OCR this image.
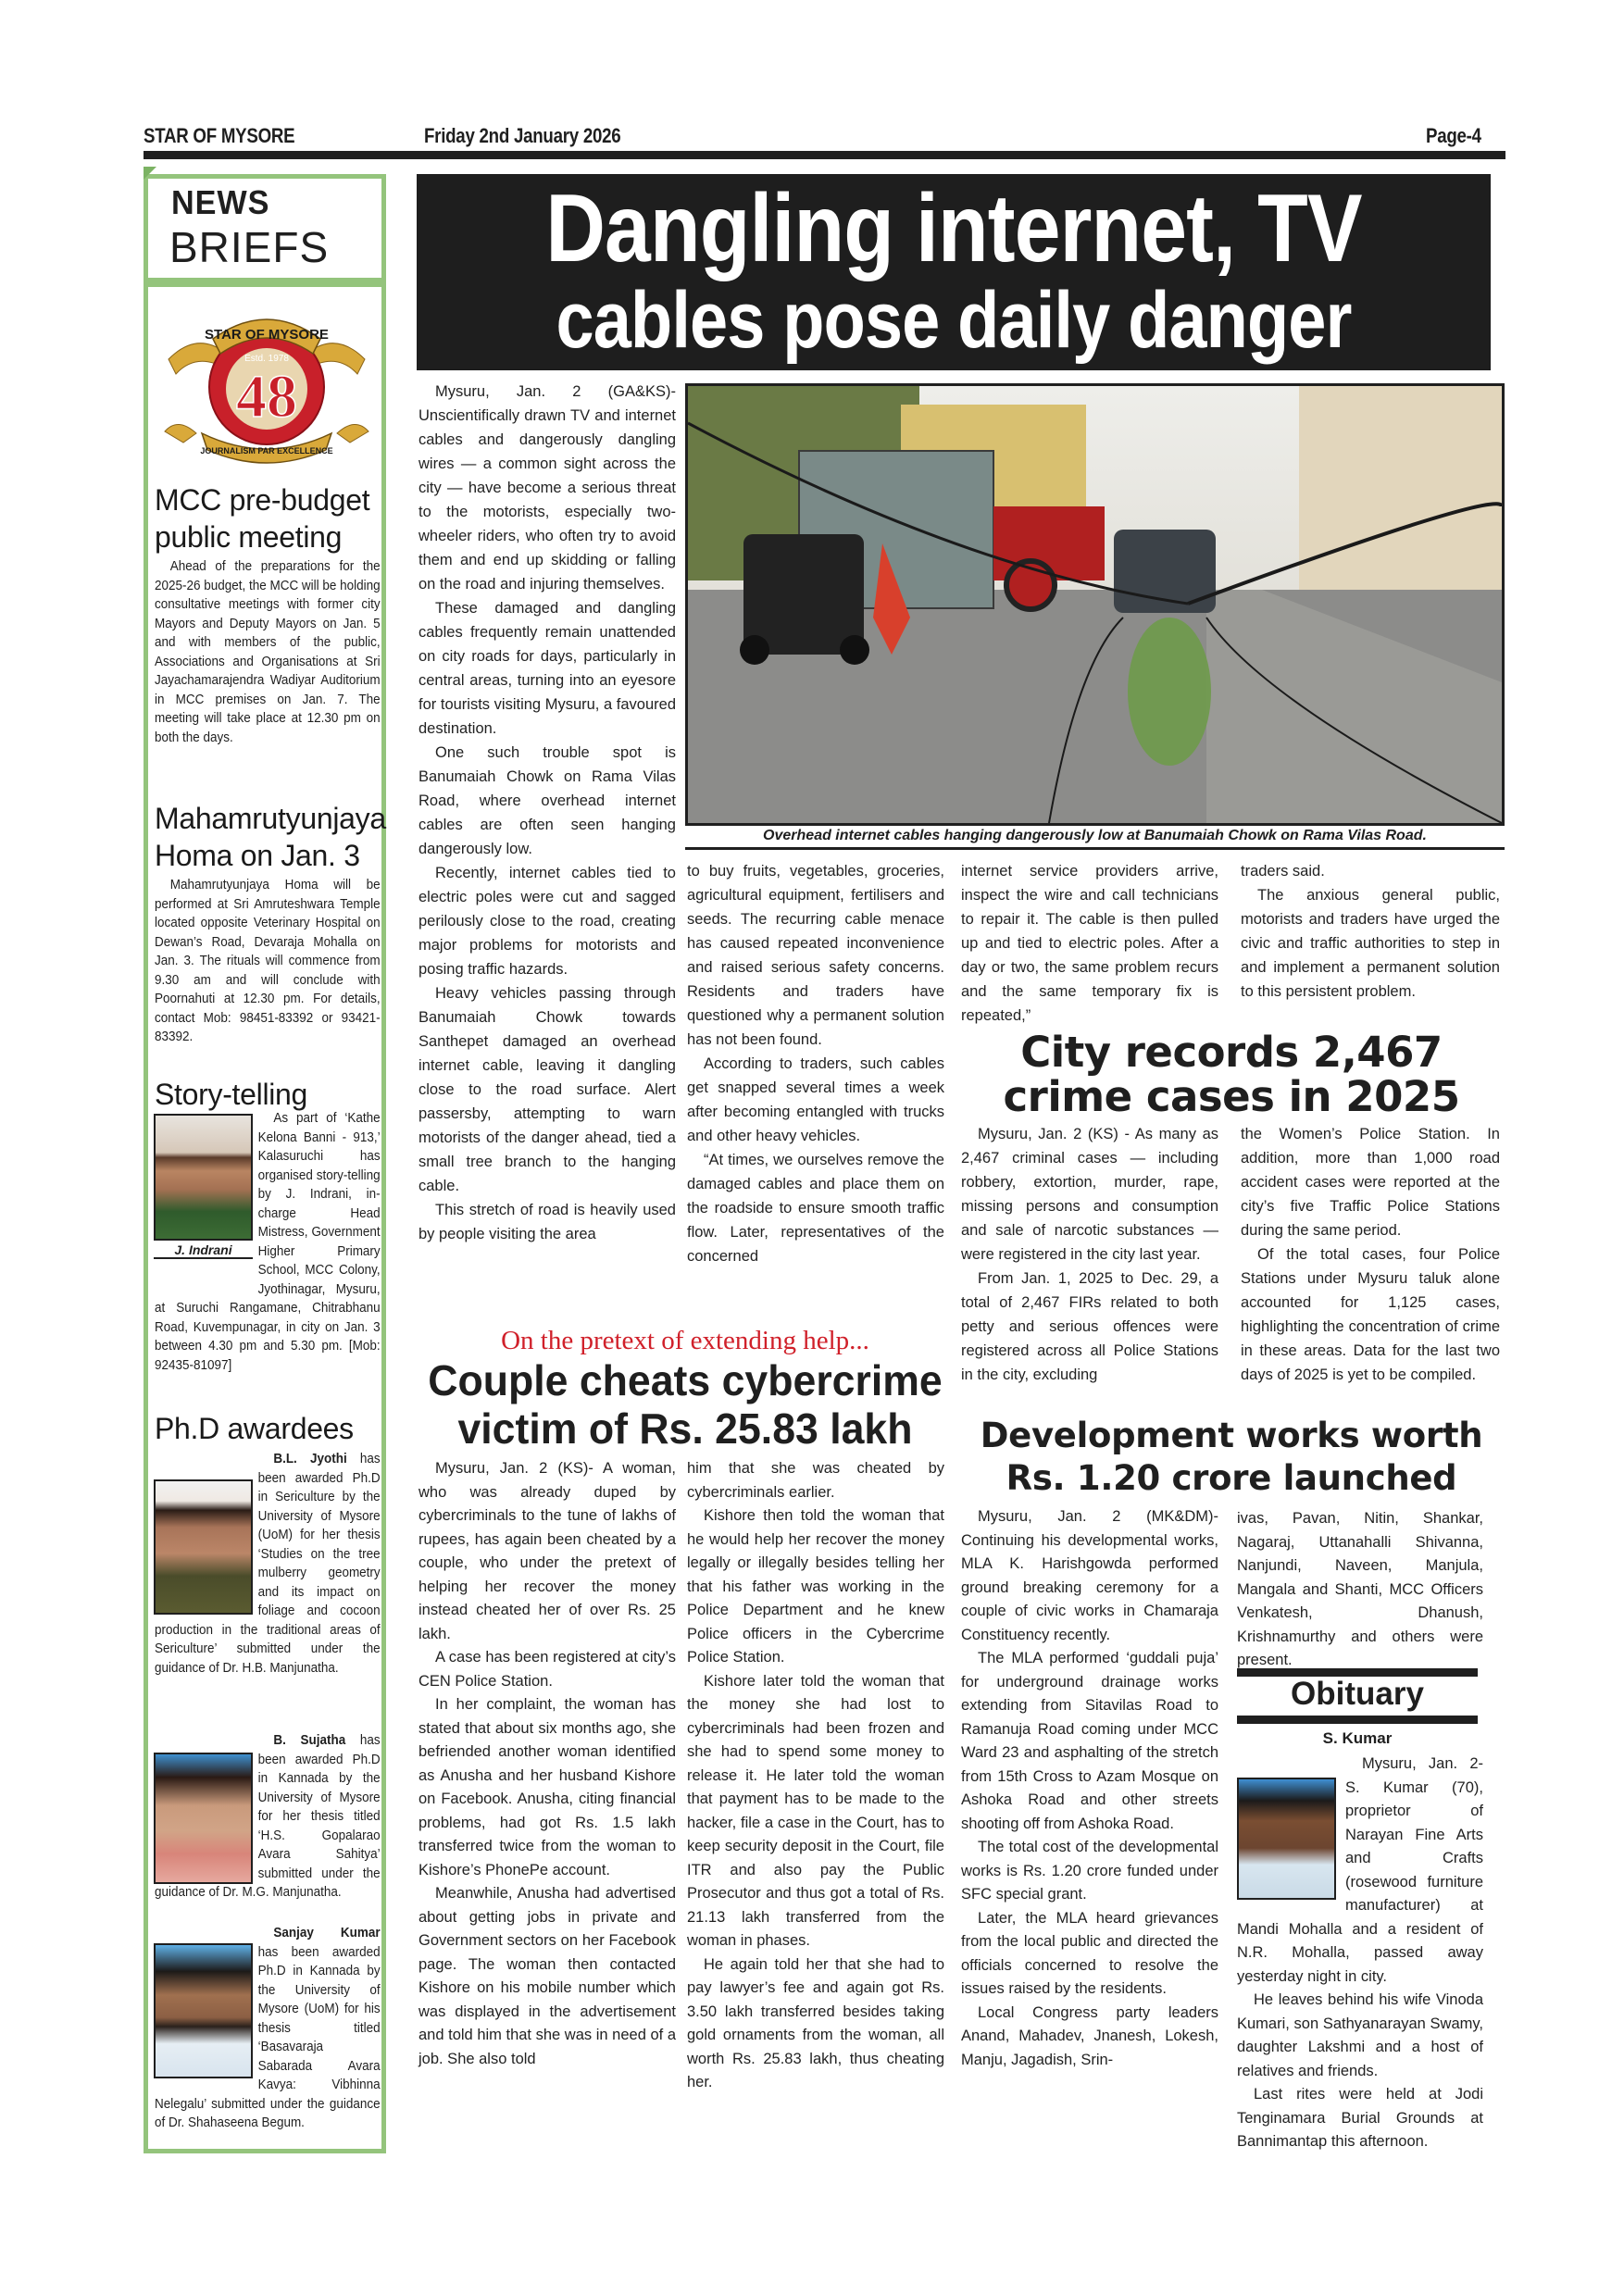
STAR OF MYSORE	Friday 2nd January 2026	Page-4
NEWS
BRIEFS
STAR OF MYSORE
Estd. 1978
48
JOURNALISM PAR EXCELLENCE
MCC pre-budget public meeting

Ahead of the preparations for the 2025-26 budget, the MCC will be holding consultative meetings with former city Mayors and Deputy Mayors on Jan. 5 and with members of the public, Associations and Organisations at Sri Jayachamarajendra Wadiyar Auditorium in MCC premises on Jan. 7. The meeting will take place at 12.30 pm on both the days.

Mahamrutyunjaya Homa on Jan. 3

Mahamrutyunjaya Homa will be performed at Sri Amruteshwara Temple located opposite Veterinary Hospital on Dewan’s Road, Devaraja Mohalla on Jan. 3. The rituals will commence from 9.30 am and will conclude with Poornahuti at 12.30 pm. For details, contact Mob: 98451-83392 or 93421-83392.

Story-telling
J. Indrani

As part of ‘Kathe Kelona Banni - 913,’ Kalasuruchi has organised story-telling by J. Indrani, in-charge Head Mistress, Government Higher Primary School, MCC Colony, Jyothinagar, Mysuru, at Suruchi Rangamane, Chitrabhanu Road, Kuvempunagar, in city on Jan. 3 between 4.30 pm and 5.30 pm. [Mob: 92435-81097]

Ph.D awardees

B.L. Jyothi has been awarded Ph.D in Sericulture by the University of Mysore (UoM) for her thesis ‘Studies on the tree mulberry geometry and its impact on foliage and cocoon production in the traditional areas of Sericulture’ submitted under the guidance of Dr. H.B. Manjunatha.

B. Sujatha has been awarded Ph.D in Kannada by the University of Mysore for her thesis titled ‘H.S. Gopalarao Avara Sahitya’ submitted under the guidance of Dr. M.G. Manjunatha.

Sanjay Kumar has been awarded Ph.D in Kannada by the University of Mysore (UoM) for his thesis titled ‘Basavaraja Sabarada Avara Kavya: Vibhinna Nelegalu’ submitted under the guidance of Dr. Shahaseena Begum.

Dangling internet, TV
cables pose daily danger

Mysuru, Jan. 2 (GA&KS)- Unscientifically drawn TV and internet cables and dangerously dangling wires — a common sight across the city — have become a serious threat to the motorists, especially two-wheeler riders, who often try to avoid them and end up skidding or falling on the road and injuring themselves.

These damaged and dangling cables frequently remain unattended on city roads for days, particularly in central areas, turning into an eyesore for tourists visiting Mysuru, a favoured destination.

One such trouble spot is Banumaiah Chowk on Rama Vilas Road, where overhead internet cables are often seen hanging dangerously low.

Recently, internet cables tied to electric poles were cut and sagged perilously close to the road, creating major problems for motorists and posing traffic hazards.

Heavy vehicles passing through Banumaiah Chowk towards Santhepet damaged an overhead internet cable, leaving it dangling close to the road surface. Alert passersby, attempting to warn motorists of the danger ahead, tied a small tree branch to the hanging cable.

This stretch of road is heavily used by people visiting the area

Overhead internet cables hanging dangerously low at Banumaiah Chowk on Rama Vilas Road.

to buy fruits, vegetables, groceries, agricultural equipment, fertilisers and seeds. The recurring cable menace has caused repeated inconvenience and raised serious safety concerns. Residents and traders have questioned why a permanent solution has not been found.

According to traders, such cables get snapped several times a week after becoming entangled with trucks and other heavy vehicles.

“At times, we ourselves remove the damaged cables and place them on the roadside to ensure smooth traffic flow. Later, representatives of the concerned

internet service providers arrive, inspect the wire and call technicians to repair it. The cable is then pulled up and tied to electric poles. After a day or two, the same problem recurs and the same temporary fix is repeated,”

traders said.

The anxious general public, motorists and traders have urged the civic and traffic authorities to step in and implement a permanent solution to this persistent problem.

City records 2,467 crime cases in 2025

Mysuru, Jan. 2 (KS) - As many as 2,467 criminal cases — including robbery, extortion, murder, rape, missing persons and consumption and sale of narcotic substances — were registered in the city last year.

From Jan. 1, 2025 to Dec. 29, a total of 2,467 FIRs related to both petty and serious offences were registered across all Police Stations in the city, excluding

the Women’s Police Station. In addition, more than 1,000 road accident cases were reported at the city’s five Traffic Police Stations during the same period.

Of the total cases, four Police Stations under Mysuru taluk alone accounted for 1,125 cases, highlighting the concentration of crime in these areas. Data for the last two days of 2025 is yet to be compiled.

On the pretext of extending help...
Couple cheats cybercrime victim of Rs. 25.83 lakh

Mysuru, Jan. 2 (KS)- A woman, who was already duped by cybercriminals to the tune of lakhs of rupees, has again been cheated by a couple, who under the pretext of helping her recover the money instead cheated her of over Rs. 25 lakh.

A case has been registered at city’s CEN Police Station.

In her complaint, the woman has stated that about six months ago, she befriended another woman identified as Anusha and her husband Kishore on Facebook. Anusha, citing financial problems, had got Rs. 1.5 lakh transferred twice from the woman to Kishore’s PhonePe account.

Meanwhile, Anusha had advertised about getting jobs in private and Government sectors on her Facebook page. The woman then contacted Kishore on his mobile number which was displayed in the advertisement and told him that she was in need of a job. She also told

him that she was cheated by cybercriminals earlier.

Kishore then told the woman that he would help her recover the money legally or illegally besides telling her that his father was working in the Police Department and he knew Police officers in the Cybercrime Police Station.

Kishore later told the woman that the money she had lost to cybercriminals had been frozen and she had to spend some money to release it. He later told the woman that payment has to be made to the hacker, file a case in the Court, has to keep security deposit in the Court, file ITR and also pay the Public Prosecutor and thus got a total of Rs. 21.13 lakh transferred from the woman in phases.

He again told her that she had to pay lawyer’s fee and again got Rs. 3.50 lakh transferred besides taking gold ornaments from the woman, all worth Rs. 25.83 lakh, thus cheating her.

Development works worth Rs. 1.20 crore launched

Mysuru, Jan. 2 (MK&DM)- Continuing his developmental works, MLA K. Harishgowda performed ground breaking ceremony for a couple of civic works in Chamaraja Constituency recently.

The MLA performed ‘guddali puja’ for underground drainage works extending from Sitavilas Road to Ramanuja Road coming under MCC Ward 23 and asphalting of the stretch from 15th Cross to Azam Mosque on Ashoka Road and other streets shooting off from Ashoka Road.

The total cost of the developmental works is Rs. 1.20 crore funded under SFC special grant.

Later, the MLA heard grievances from the local public and directed the officials concerned to resolve the issues raised by the residents.

Local Congress party leaders Anand, Mahadev, Jnanesh, Lokesh, Manju, Jagadish, Srin-

ivas, Pavan, Nitin, Shankar, Nagaraj, Uttanahalli Shivanna, Nanjundi, Naveen, Manjula, Mangala and Shanti, MCC Officers Venkatesh, Dhanush, Krishnamurthy and others were present.

Obituary
S. Kumar

Mysuru, Jan. 2- S. Kumar (70), proprietor of Narayan Fine Arts and Crafts (rosewood furniture manufacturer) at Mandi Mohalla and a resident of N.R. Mohalla, passed away yesterday night in city.

He leaves behind his wife Vinoda Kumari, son Sathyanarayan Swamy, daughter Lakshmi and a host of relatives and friends.

Last rites were held at Jodi Tenginamara Burial Grounds at Bannimantap this afternoon.
